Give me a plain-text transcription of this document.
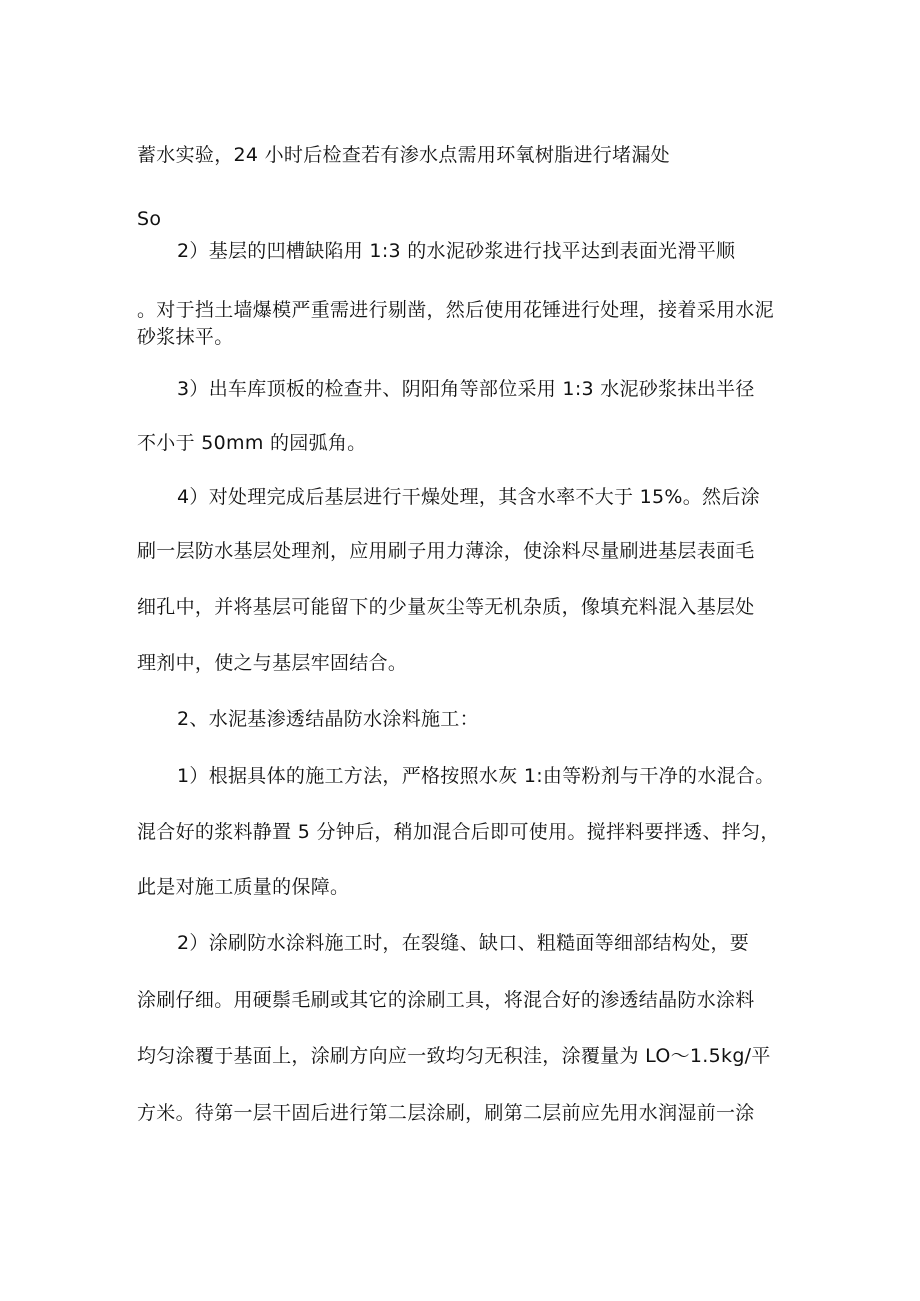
蓄水实验，24 小时后检查若有渗水点需用环氧树脂进行堵漏处
So
2）基层的凹槽缺陷用 1:3 的水泥砂浆进行找平达到表面光滑平顺
。对于挡土墙爆模严重需进行剔凿，然后使用花锤进行处理，接着采用水泥
砂浆抹平。
3）出车库顶板的检查井、阴阳角等部位采用 1:3 水泥砂浆抹出半径
不小于 50mm 的园弧角。
4）对处理完成后基层进行干燥处理，其含水率不大于 15%。然后涂
刷一层防水基层处理剂，应用刷子用力薄涂，使涂料尽量刷进基层表面毛
细孔中，并将基层可能留下的少量灰尘等无机杂质，像填充料混入基层处
理剂中，使之与基层牢固结合。
2、水泥基渗透结晶防水涂料施工：
1）根据具体的施工方法，严格按照水灰 1:由等粉剂与干净的水混合。
混合好的浆料静置 5 分钟后，稍加混合后即可使用。搅拌料要拌透、拌匀，
此是对施工质量的保障。
2）涂刷防水涂料施工时，在裂缝、缺口、粗糙面等细部结构处，要
涂刷仔细。用硬鬃毛刷或其它的涂刷工具，将混合好的渗透结晶防水涂料
均匀涂覆于基面上，涂刷方向应一致均匀无积洼，涂覆量为 LO～1.5kg∕平
方米。待第一层干固后进行第二层涂刷，刷第二层前应先用水润湿前一涂
